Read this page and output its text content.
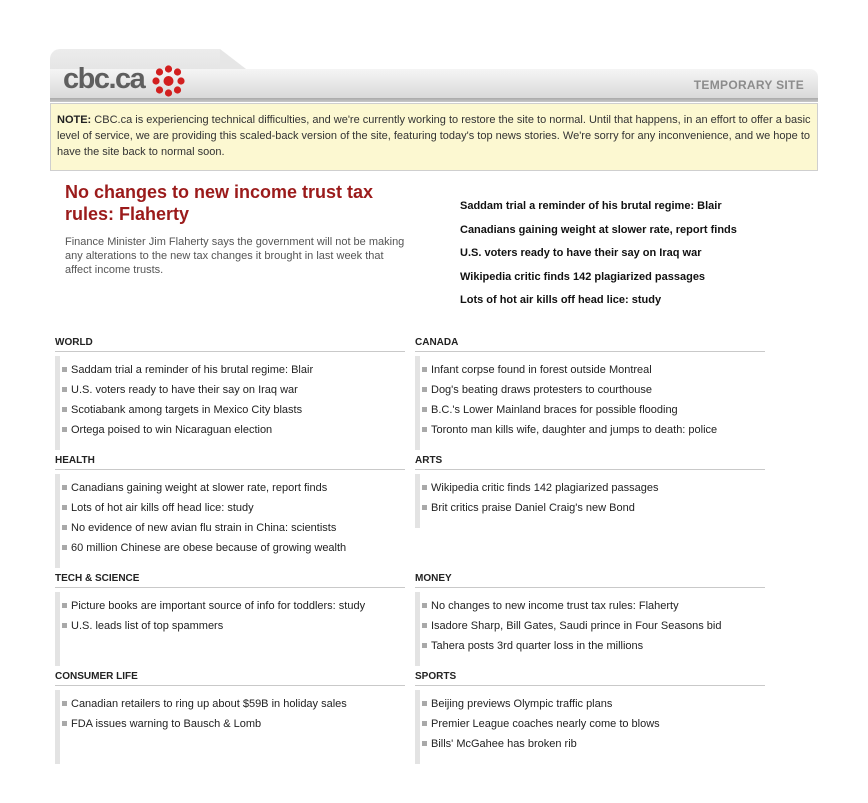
cbc.ca	TEMPORARY SITE
NOTE: CBC.ca is experiencing technical difficulties, and we're currently working to restore the site to normal. Until that happens, in an effort to offer a basic level of service, we are providing this scaled-back version of the site, featuring today's top news stories. We're sorry for any inconvenience, and we hope to have the site back to normal soon.
No changes to new income trust tax rules: Flaherty
Finance Minister Jim Flaherty says the government will not be making any alterations to the new tax changes it brought in last week that affect income trusts.
Saddam trial a reminder of his brutal regime: Blair
Canadians gaining weight at slower rate, report finds
U.S. voters ready to have their say on Iraq war
Wikipedia critic finds 142 plagiarized passages
Lots of hot air kills off head lice: study
WORLD
Saddam trial a reminder of his brutal regime: Blair
U.S. voters ready to have their say on Iraq war
Scotiabank among targets in Mexico City blasts
Ortega poised to win Nicaraguan election
CANADA
Infant corpse found in forest outside Montreal
Dog's beating draws protesters to courthouse
B.C.'s Lower Mainland braces for possible flooding
Toronto man kills wife, daughter and jumps to death: police
HEALTH
Canadians gaining weight at slower rate, report finds
Lots of hot air kills off head lice: study
No evidence of new avian flu strain in China: scientists
60 million Chinese are obese because of growing wealth
ARTS
Wikipedia critic finds 142 plagiarized passages
Brit critics praise Daniel Craig's new Bond
TECH & SCIENCE
Picture books are important source of info for toddlers: study
U.S. leads list of top spammers
MONEY
No changes to new income trust tax rules: Flaherty
Isadore Sharp, Bill Gates, Saudi prince in Four Seasons bid
Tahera posts 3rd quarter loss in the millions
CONSUMER LIFE
Canadian retailers to ring up about $59B in holiday sales
FDA issues warning to Bausch & Lomb
SPORTS
Beijing previews Olympic traffic plans
Premier League coaches nearly come to blows
Bills' McGahee has broken rib
